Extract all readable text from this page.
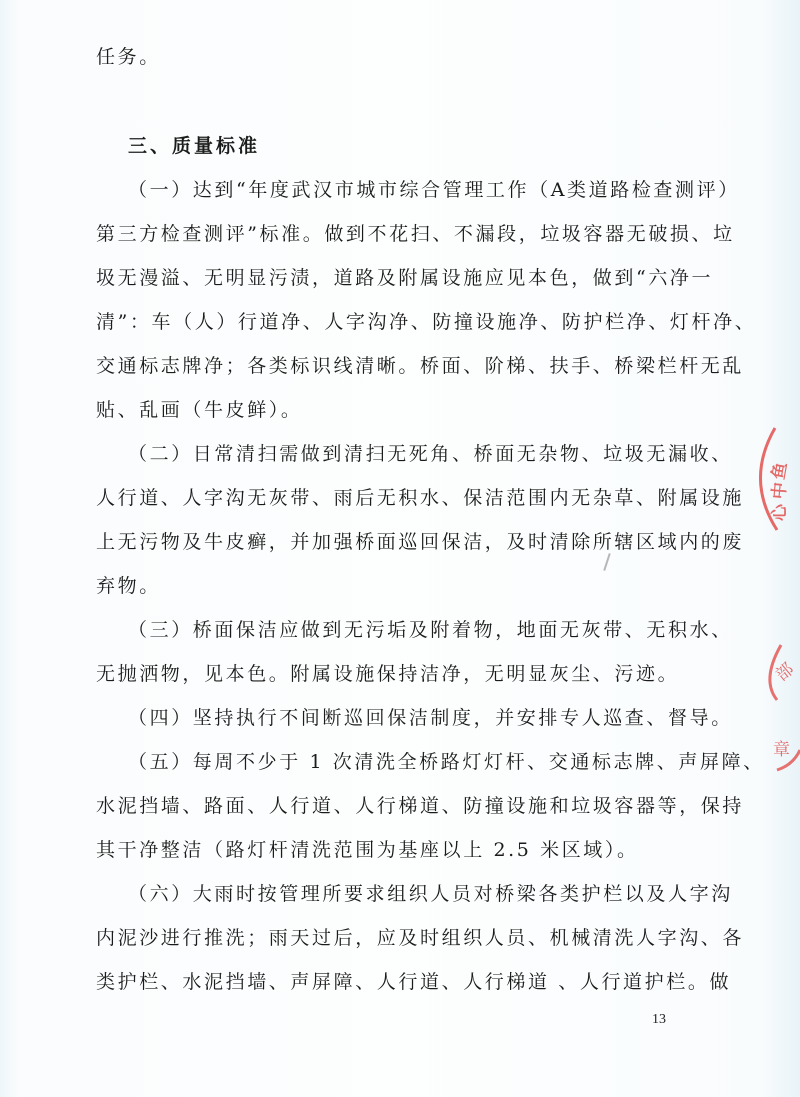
任务。
三、质量标准
（一）达到“年度武汉市城市综合管理工作（A类道路检查测评）
第三方检查测评”标准。做到不花扫、不漏段，垃圾容器无破损、垃
圾无漫溢、无明显污渍，道路及附属设施应见本色，做到“六净一
清”：车（人）行道净、人字沟净、防撞设施净、防护栏净、灯杆净、
交通标志牌净；各类标识线清晰。桥面、阶梯、扶手、桥梁栏杆无乱
贴、乱画（牛皮鲜）。
（二）日常清扫需做到清扫无死角、桥面无杂物、垃圾无漏收、
人行道、人字沟无灰带、雨后无积水、保洁范围内无杂草、附属设施
上无污物及牛皮癣，并加强桥面巡回保洁，及时清除所辖区域内的废
弃物。
（三）桥面保洁应做到无污垢及附着物，地面无灰带、无积水、
无抛洒物，见本色。附属设施保持洁净，无明显灰尘、污迹。
（四）坚持执行不间断巡回保洁制度，并安排专人巡查、督导。
（五）每周不少于 1 次清洗全桥路灯灯杆、交通标志牌、声屏障、
水泥挡墙、路面、人行道、人行梯道、防撞设施和垃圾容器等，保持
其干净整洁（路灯杆清洗范围为基座以上 2.5 米区域）。
（六）大雨时按管理所要求组织人员对桥梁各类护栏以及人字沟
内泥沙进行推洗；雨天过后，应及时组织人员、机械清洗人字沟、各
类护栏、水泥挡墙、声屏障、人行道、人行梯道 、人行道护栏。做
鱼
中
心
部
章
13
